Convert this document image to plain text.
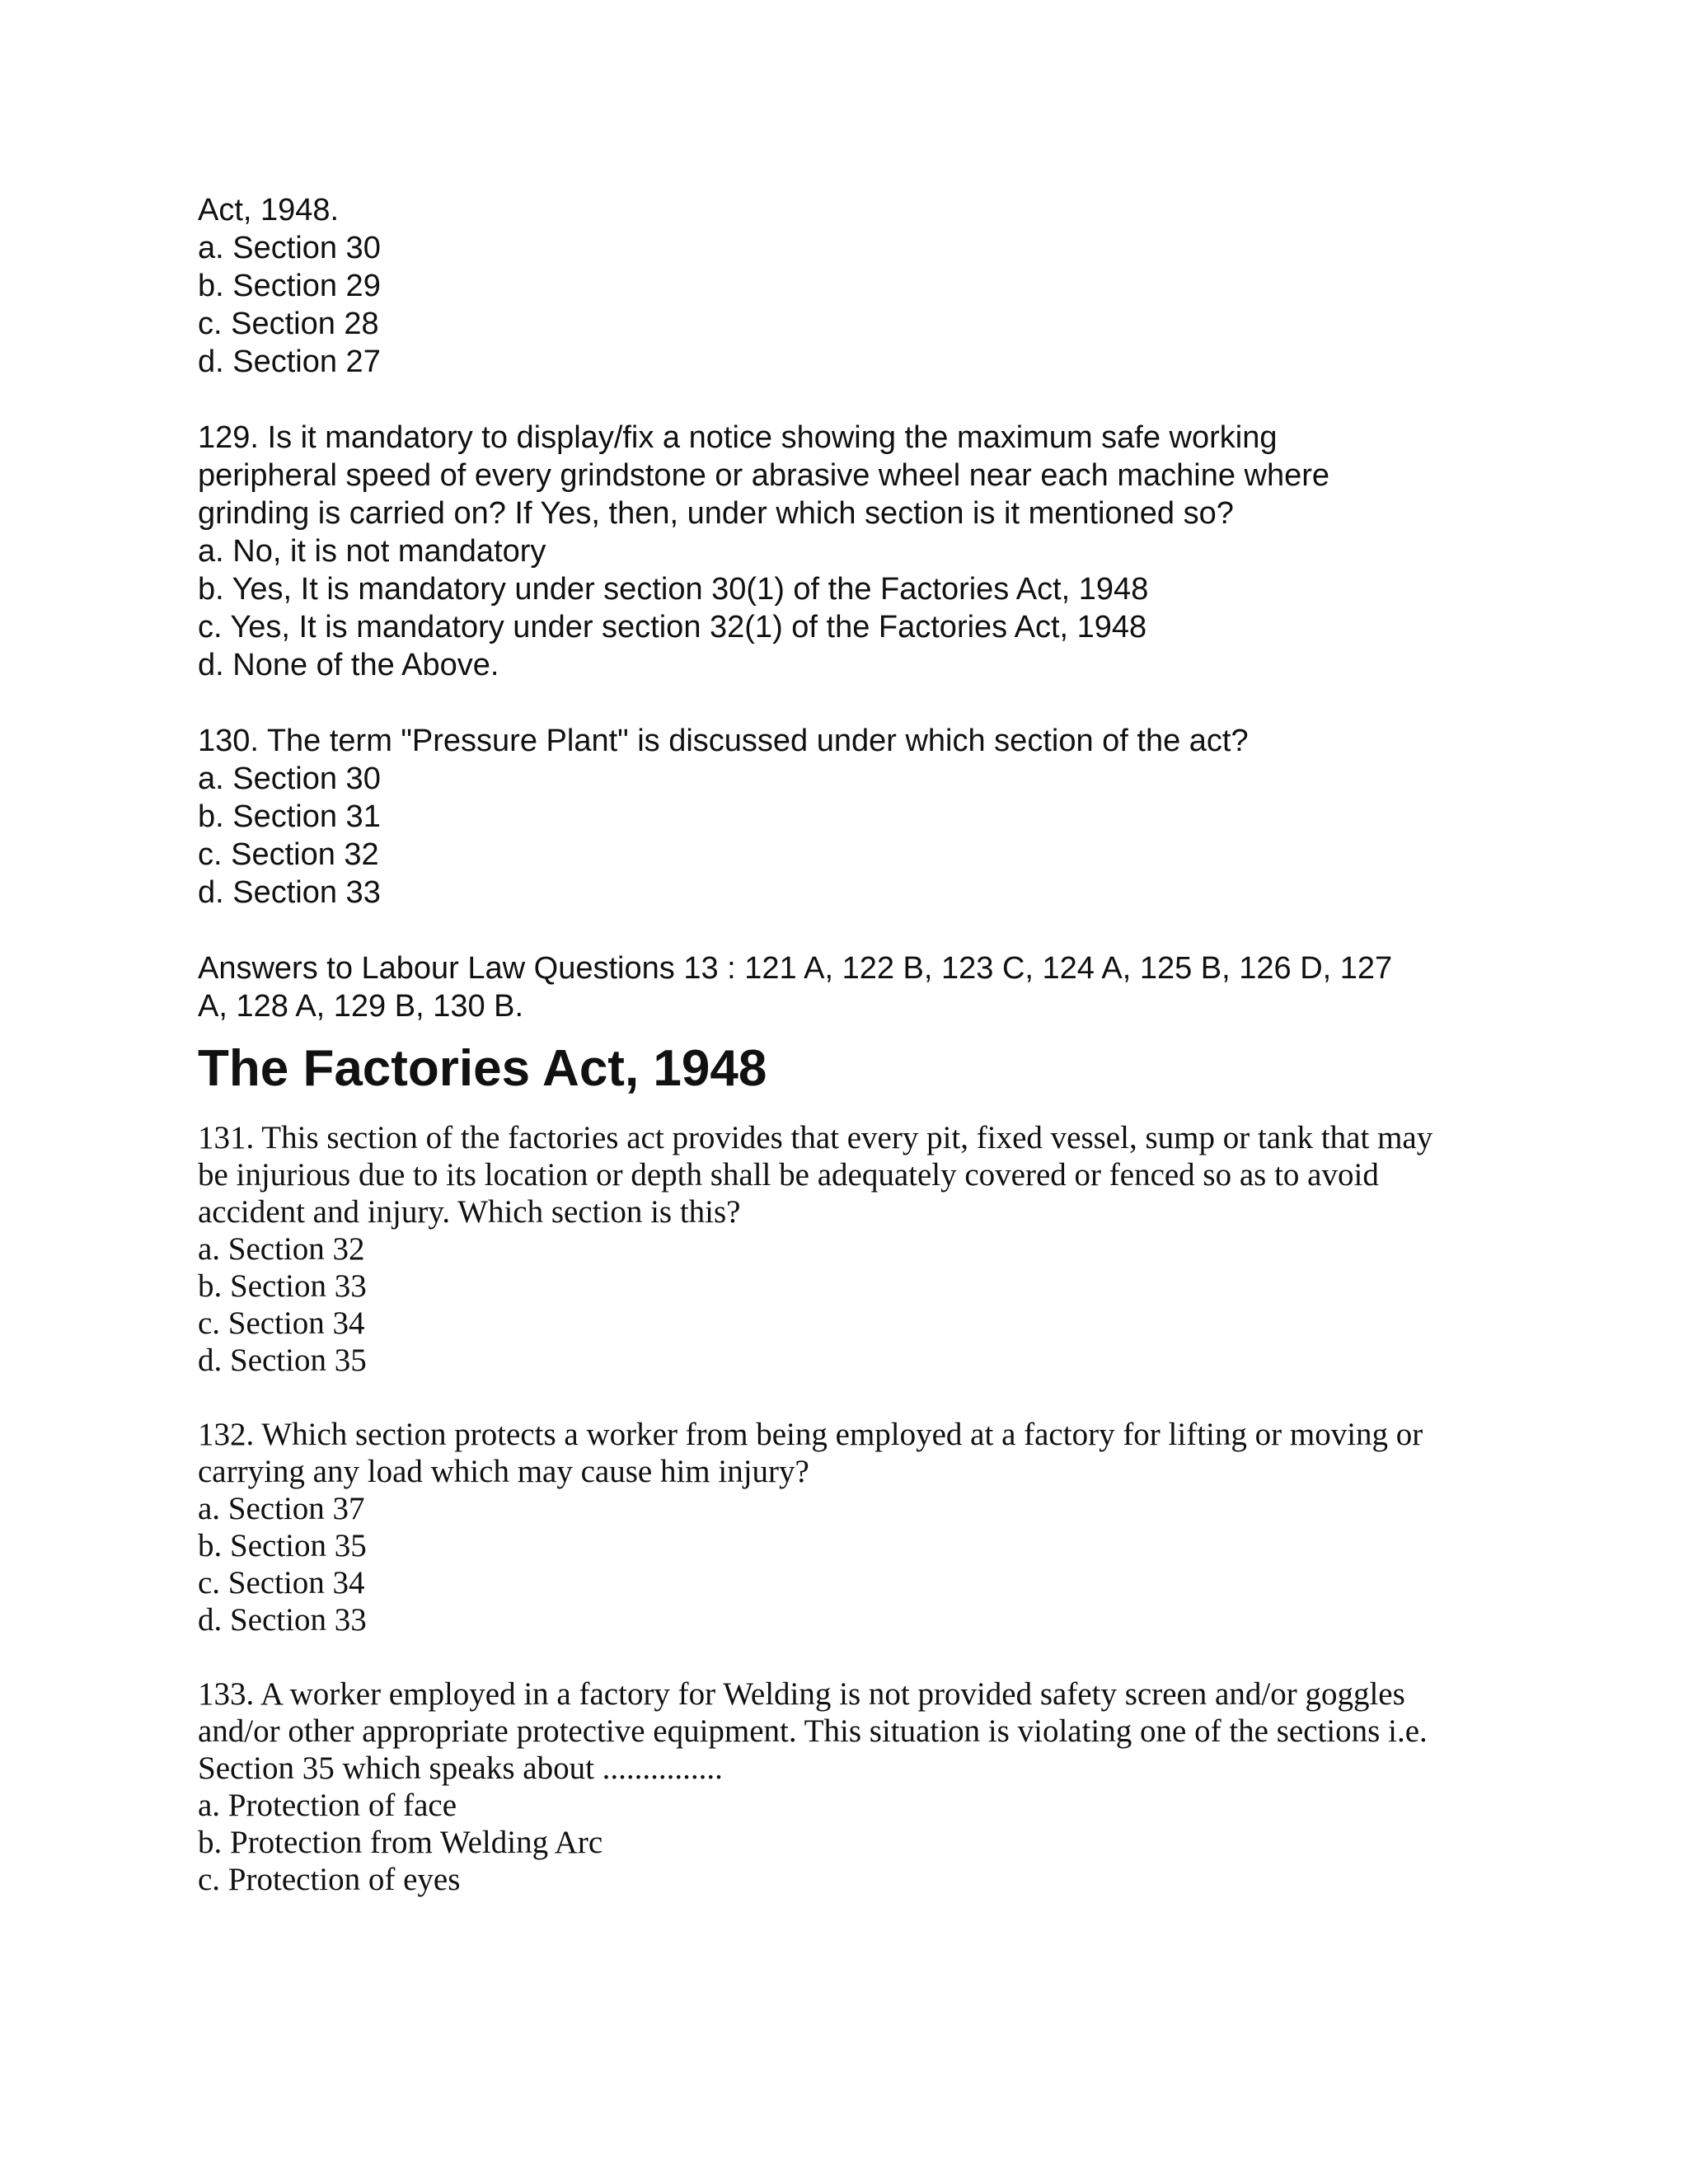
Act, 1948.
a. Section 30
b. Section 29
c. Section 28
d. Section 27
129. Is it mandatory to display/fix a notice showing the maximum safe working
peripheral speed of every grindstone or abrasive wheel near each machine where
grinding is carried on? If Yes, then, under which section is it mentioned so?
a. No, it is not mandatory
b. Yes, It is mandatory under section 30(1) of the Factories Act, 1948
c. Yes, It is mandatory under section 32(1) of the Factories Act, 1948
d. None of the Above.
130. The term "Pressure Plant" is discussed under which section of the act?
a. Section 30
b. Section 31
c. Section 32
d. Section 33
Answers to Labour Law Questions 13 : 121 A, 122 B, 123 C, 124 A, 125 B, 126 D, 127
A, 128 A, 129 B, 130 B.
The Factories Act, 1948
131. This section of the factories act provides that every pit, fixed vessel, sump or tank that may
be injurious due to its location or depth shall be adequately covered or fenced so as to avoid
accident and injury. Which section is this?
a. Section 32
b. Section 33
c. Section 34
d. Section 35
132. Which section protects a worker from being employed at a factory for lifting or moving or
carrying any load which may cause him injury?
a. Section 37
b. Section 35
c. Section 34
d. Section 33
133. A worker employed in a factory for Welding is not provided safety screen and/or goggles
and/or other appropriate protective equipment. This situation is violating one of the sections i.e.
Section 35 which speaks about ...............
a. Protection of face
b. Protection from Welding Arc
c. Protection of eyes
